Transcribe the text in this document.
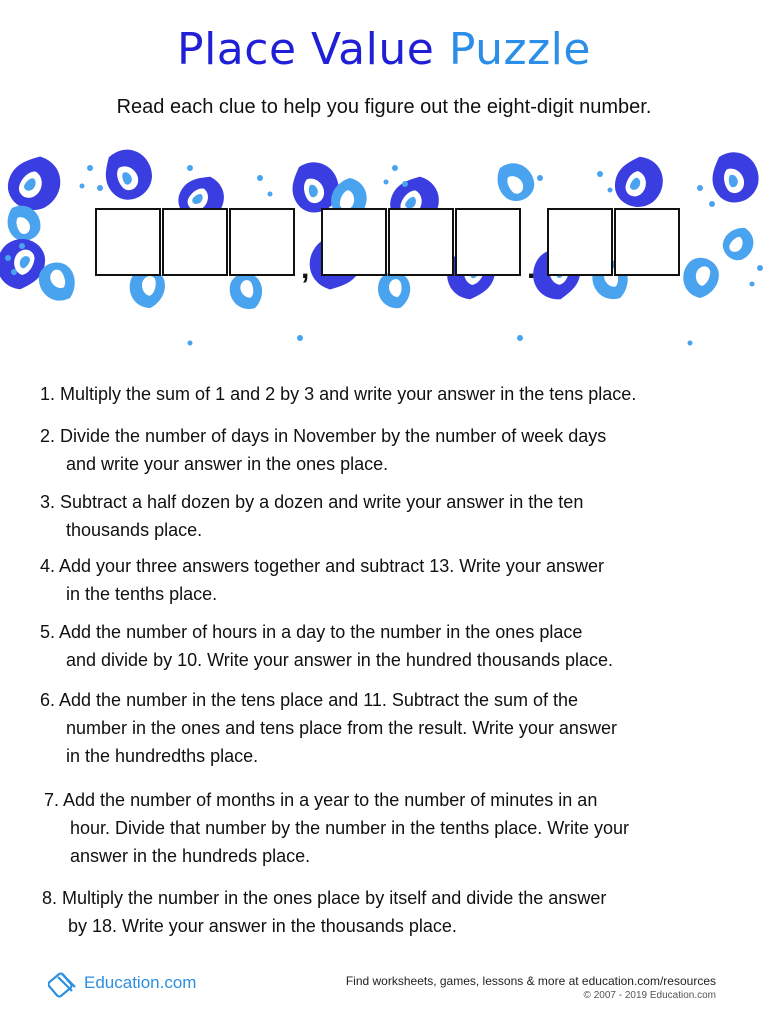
Place Value Puzzle
Read each clue to help you figure out the eight-digit number.
,	.
1. Multiply the sum of 1 and 2 by 3 and write your answer in the tens place.
2. Divide the number of days in November by the number of week days
and write your answer in the ones place.
3. Subtract a half dozen by a dozen and write your answer in the ten
thousands place.
4. Add your three answers together and subtract 13. Write your answer
in the tenths place.
5. Add the number of hours in a day to the number in the ones place
and divide by 10. Write your answer in the hundred thousands place.
6. Add the number in the tens place and 11. Subtract the sum of the
number in the ones and tens place from the result. Write your answer
in the hundredths place.
7. Add the number of months in a year to the number of minutes in an
hour. Divide that number by the number in the tenths place. Write your
answer in the hundreds place.
8. Multiply the number in the ones place by itself and divide the answer
by 18. Write your answer in the thousands place.
Education.com	Find worksheets, games, lessons & more at education.com/resources
© 2007 - 2019 Education.com
